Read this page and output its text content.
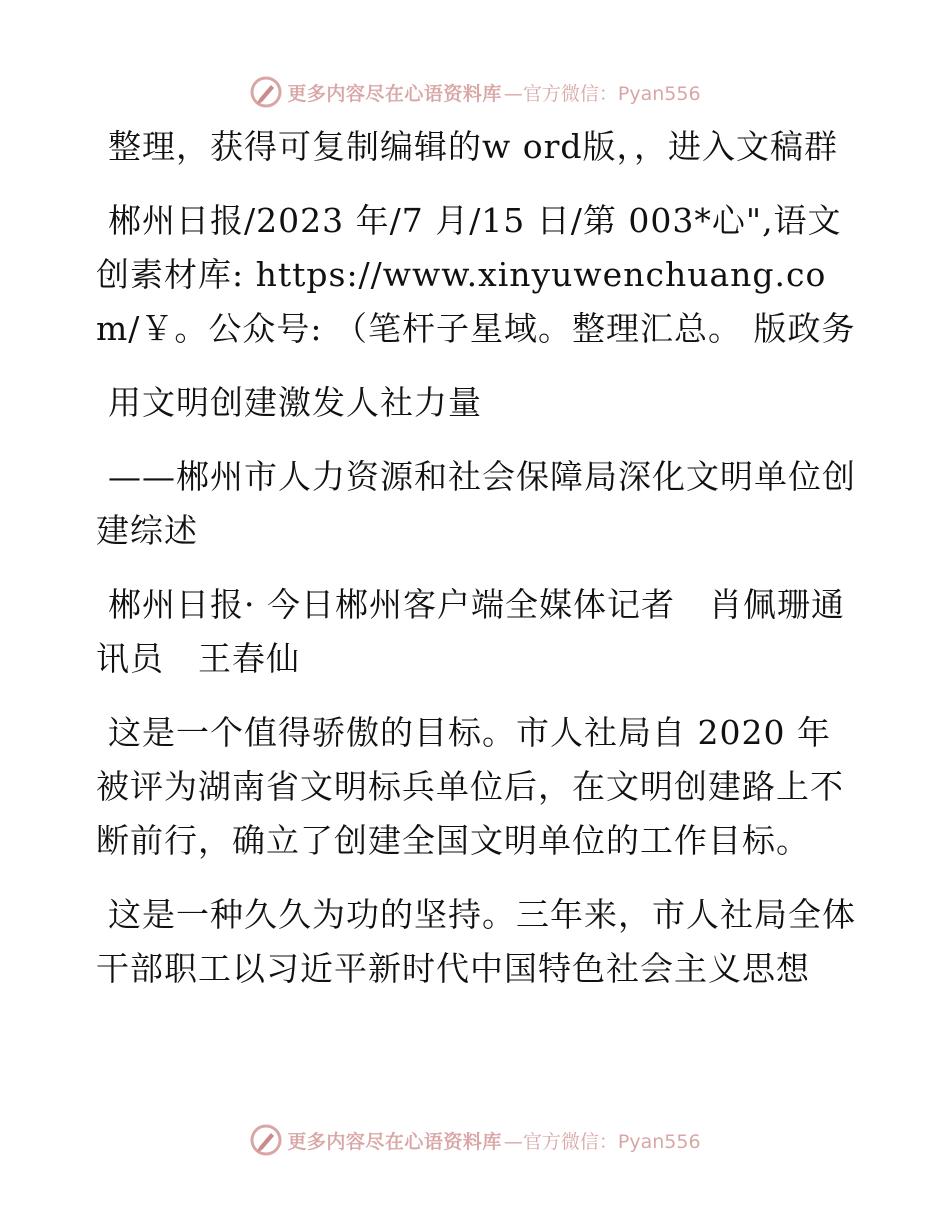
更多内容尽在心语资料库 —官方微信：Pyan556

整理，获得可复制编辑的w ord版，，进入文稿群

郴州日报/2023 年/7 月/15 日/第 003*心",语文创素材库: https://www.xinyuwenchuang.com/￥。公众号: （笔杆子星域。整理汇总。 版政务

用文明创建激发人社力量

——郴州市人力资源和社会保障局深化文明单位创建综述

郴州日报· 今日郴州客户端全媒体记者　肖佩珊通讯员　王春仙

这是一个值得骄傲的目标。市人社局自 2020 年被评为湖南省文明标兵单位后，在文明创建路上不断前行，确立了创建全国文明单位的工作目标。

这是一种久久为功的坚持。三年来，市人社局全体干部职工以习近平新时代中国特色社会主义思想

更多内容尽在心语资料库 —官方微信：Pyan556
